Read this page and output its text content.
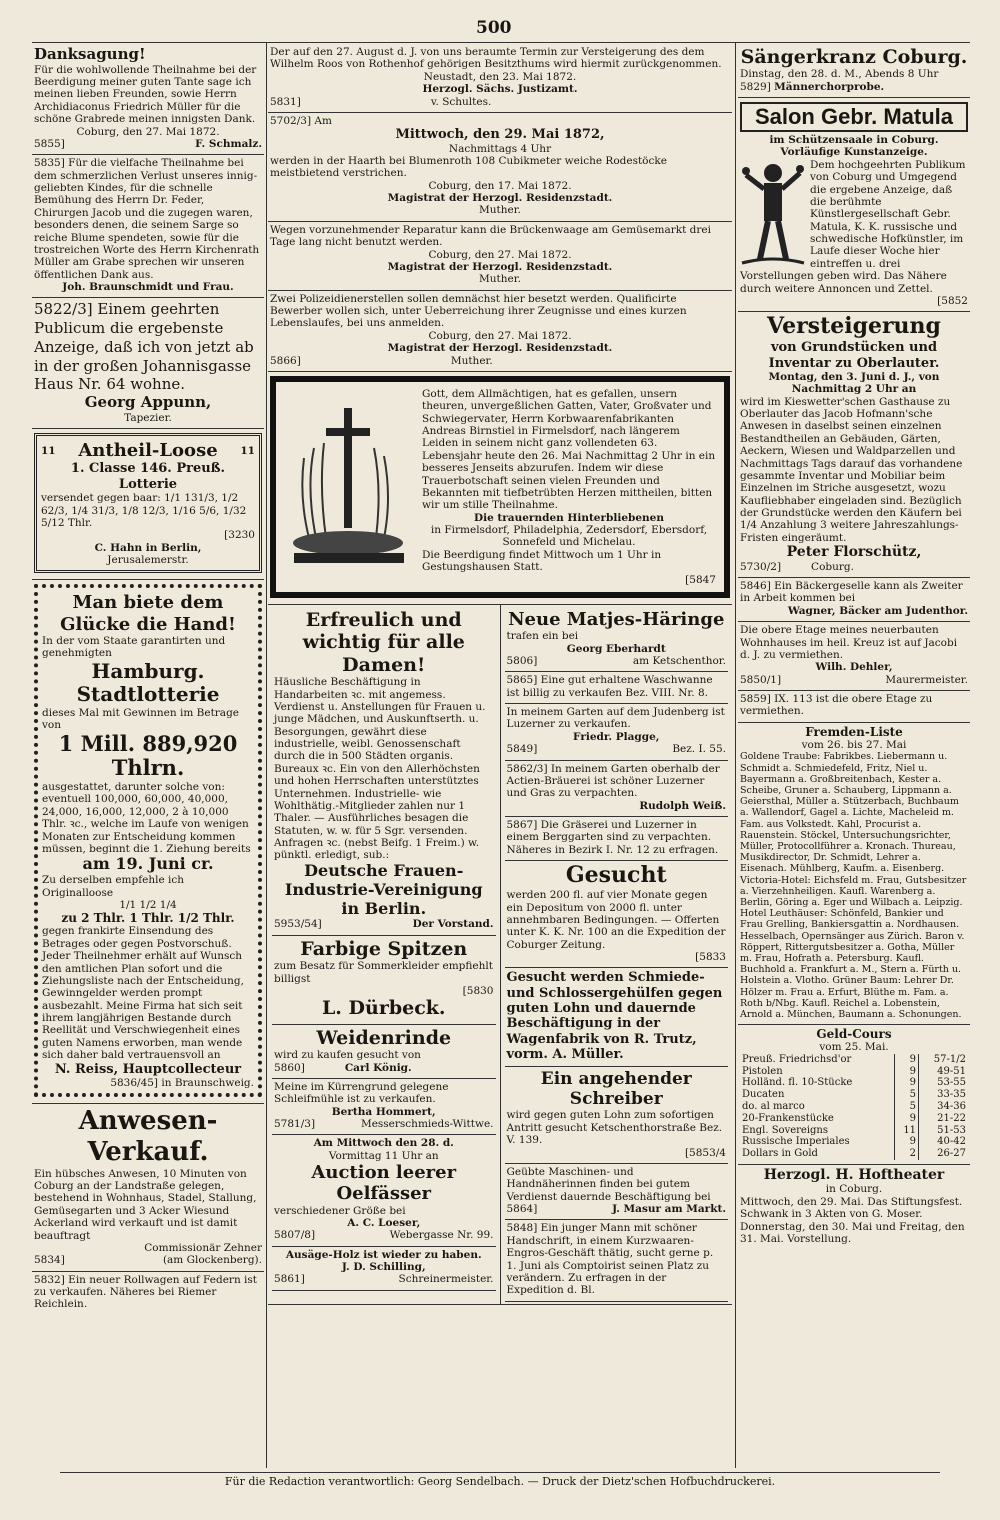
500

Danksagung!

Für die wohlwollende Theilnahme bei der Beerdigung meiner guten Tante sage ich meinen lieben Freunden, sowie Herrn Archidiaconus Friedrich Müller für die schöne Grabrede meinen innigsten Dank.

Coburg, den 27. Mai 1872.

5855]	F. Schmalz.

5835] Für die vielfache Theilnahme bei dem schmerzlichen Verlust unseres innig-geliebten Kindes, für die schnelle Bemühung des Herrn Dr. Feder, Chirurgen Jacob und die zugegen waren, besonders denen, die seinem Sarge so reiche Blume spendeten, sowie für die trostreichen Worte des Herrn Kirchenrath Müller am Grabe sprechen wir unseren öffentlichen Dank aus.

Joh. Braunschmidt und Frau.

5822/3] Einem geehrten Publicum die ergebenste Anzeige, daß ich von jetzt ab in der großen Johannisgasse Haus Nr. 64 wohne.

Georg Appunn,

Tapezier.

11 Antheil-Loose 11

1. Classe 146. Preuß. Lotterie

versendet gegen baar: 1/1 131/3, 1/2 62/3, 1/4 31/3, 1/8 12/3, 1/16 5/6, 1/32 5/12 Thlr.

[3230

C. Hahn in Berlin,

Jerusalemerstr.

Man biete dem Glücke die Hand!

In der vom Staate garantirten und genehmigten

Hamburg. Stadtlotterie

dieses Mal mit Gewinnen im Betrage von

1 Mill. 889,920 Thlrn.

ausgestattet, darunter solche von: eventuell 100,000, 60,000, 40,000, 24,000, 16,000, 12,000, 2 à 10,000 Thlr. ꝛc., welche im Laufe von wenigen Monaten zur Entscheidung kommen müssen, beginnt die 1. Ziehung bereits

am 19. Juni cr.

Zu derselben empfehle ich Originalloose

1/1 1/2 1/4

zu 2 Thlr. 1 Thlr. 1/2 Thlr.

gegen frankirte Einsendung des Betrages oder gegen Postvorschuß. Jeder Theilnehmer erhält auf Wunsch den amtlichen Plan sofort und die Ziehungsliste nach der Entscheidung, Gewinngelder werden prompt ausbezahlt. Meine Firma hat sich seit ihrem langjährigen Bestande durch Reellität und Verschwiegenheit eines guten Namens erworben, man wende sich daher bald vertrauensvoll an

N. Reiss, Hauptcollecteur

5836/45] in Braunschweig.

Anwesen-Verkauf.

Ein hübsches Anwesen, 10 Minuten von Coburg an der Landstraße gelegen, bestehend in Wohnhaus, Stadel, Stallung, Gemüsegarten und 3 Acker Wiesund Ackerland wird verkauft und ist damit beauftragt

Commissionär Zehner

5834]	(am Glockenberg).

5832] Ein neuer Rollwagen auf Federn ist zu verkaufen. Näheres bei Riemer Reichlein.

Der auf den 27. August d. J. von uns beraumte Termin zur Versteigerung des dem Wilhelm Roos von Rothenhof gehörigen Besitzthums wird hiermit zurückgenommen.

Neustadt, den 23. Mai 1872.

Herzogl. Sächs. Justizamt.

5831]	v. Schultes.

5702/3] Am

Mittwoch, den 29. Mai 1872,

Nachmittags 4 Uhr

werden in der Haarth bei Blumenroth 108 Cubikmeter weiche Rodestöcke meistbietend verstrichen.

Coburg, den 17. Mai 1872.

Magistrat der Herzogl. Residenzstadt.

Muther.

Wegen vorzunehmender Reparatur kann die Brückenwaage am Gemüsemarkt drei Tage lang nicht benutzt werden.

Coburg, den 27. Mai 1872.

Magistrat der Herzogl. Residenzstadt.

Muther.

Zwei Polizeidienerstellen sollen demnächst hier besetzt werden. Qualificirte Bewerber wollen sich, unter Ueberreichung ihrer Zeugnisse und eines kurzen Lebenslaufes, bei uns anmelden.

Coburg, den 27. Mai 1872.

Magistrat der Herzogl. Residenzstadt.

5866]	Muther.

Gott, dem Allmächtigen, hat es gefallen, unsern theuren, unvergeßlichen Gatten, Vater, Großvater und Schwiegervater, Herrn Korbwaarenfabrikanten Andreas Birnstiel in Firmelsdorf, nach längerem Leiden in seinem nicht ganz vollendeten 63. Lebensjahr heute den 26. Mai Nachmittag 2 Uhr in ein besseres Jenseits abzurufen. Indem wir diese Trauerbotschaft seinen vielen Freunden und Bekannten mit tiefbetrübten Herzen mittheilen, bitten wir um stille Theilnahme.

Die trauernden Hinterbliebenen

in Firmelsdorf, Philadelphia, Zedersdorf, Ebersdorf, Sonnefeld und Michelau.

Die Beerdigung findet Mittwoch um 1 Uhr in Gestungshausen Statt.

[5847

Erfreulich und wichtig für alle Damen!

Häusliche Beschäftigung in Handarbeiten ꝛc. mit angemess. Verdienst u. Anstellungen für Frauen u. junge Mädchen, und Auskunftserth. u. Besorgungen, gewährt diese industrielle, weibl. Genossenschaft durch die in 500 Städten organis. Bureaux ꝛc. Ein von den Allerhöchsten und hohen Herrschaften unterstütztes Unternehmen. Industrielle- wie Wohlthätig.-Mitglieder zahlen nur 1 Thaler. — Ausführliches besagen die Statuten, w. w. für 5 Sgr. versenden. Anfragen ꝛc. (nebst Beifg. 1 Freim.) w. pünktl. erledigt, sub.:

Deutsche Frauen-Industrie-Vereinigung in Berlin.

5953/54]	Der Vorstand.

Farbige Spitzen

zum Besatz für Sommerkleider empfiehlt billigst

[5830

L. Dürbeck.

Weidenrinde

wird zu kaufen gesucht von

5860]	Carl König.

Meine im Kürrengrund gelegene Schleifmühle ist zu verkaufen.

Bertha Hommert,

5781/3]	Messerschmieds-Wittwe.

Am Mittwoch den 28. d.

Vormittag 11 Uhr an

Auction leerer Oelfässer

verschiedener Größe bei

A. C. Loeser,

5807/8]	Webergasse Nr. 99.

Ausäge-Holz ist wieder zu haben.

J. D. Schilling,

5861]	Schreinermeister.

Neue Matjes-Häringe

trafen ein bei

Georg Eberhardt

5806]	am Ketschenthor.

5865] Eine gut erhaltene Waschwanne ist billig zu verkaufen Bez. VIII. Nr. 8.

In meinem Garten auf dem Judenberg ist Luzerner zu verkaufen.

Friedr. Plagge,

5849]	Bez. I. 55.

5862/3] In meinem Garten oberhalb der Actien-Bräuerei ist schöner Luzerner und Gras zu verpachten.

Rudolph Weiß.

5867] Die Gräserei und Luzerner in einem Berggarten sind zu verpachten. Näheres in Bezirk I. Nr. 12 zu erfragen.

Gesucht

werden 200 fl. auf vier Monate gegen ein Depositum von 2000 fl. unter annehmbaren Bedingungen. — Offerten unter K. K. Nr. 100 an die Expedition der Coburger Zeitung.

[5833

Gesucht werden Schmiede- und Schlossergehülfen gegen guten Lohn und dauernde Beschäftigung in der Wagenfabrik von R. Trutz, vorm. A. Müller.

Ein angehender Schreiber

wird gegen guten Lohn zum sofortigen Antritt gesucht Ketschenthorstraße Bez. V. 139.

[5853/4

Geübte Maschinen- und Handnäherinnen finden bei gutem Verdienst dauernde Beschäftigung bei

5864]	J. Masur am Markt.

5848] Ein junger Mann mit schöner Handschrift, in einem Kurzwaaren-Engros-Geschäft thätig, sucht gerne p. 1. Juni als Comptoirist seinen Platz zu verändern. Zu erfragen in der Expedition d. Bl.

Sängerkranz Coburg.

Dinstag, den 28. d. M., Abends 8 Uhr

5829] Männerchorprobe.

Salon Gebr. Matula

im Schützensaale in Coburg.

Vorläufige Kunstanzeige.

Dem hochgeehrten Publikum von Coburg und Umgegend die ergebene Anzeige, daß die berühmte Künstlergesellschaft Gebr. Matula, K. K. russische und schwedische Hofkünstler, im Laufe dieser Woche hier eintreffen u. drei Vorstellungen geben wird. Das Nähere durch weitere Annoncen und Zettel.

[5852

Versteigerung

von Grundstücken und Inventar zu Oberlauter.

Montag, den 3. Juni d. J., von Nachmittag 2 Uhr an

wird im Kieswetter'schen Gasthause zu Oberlauter das Jacob Hofmann'sche Anwesen in daselbst seinen einzelnen Bestandtheilen an Gebäuden, Gärten, Aeckern, Wiesen und Waldparzellen und Nachmittags Tags darauf das vorhandene gesammte Inventar und Mobiliar beim Einzelnen im Striche ausgesetzt, wozu Kaufliebhaber eingeladen sind. Bezüglich der Grundstücke werden den Käufern bei 1/4 Anzahlung 3 weitere Jahreszahlungs-Fristen eingeräumt.

Peter Florschütz,

5730/2]	Coburg.

5846] Ein Bäckergeselle kann als Zweiter in Arbeit kommen bei

Wagner, Bäcker am Judenthor.

Die obere Etage meines neuerbauten Wohnhauses im heil. Kreuz ist auf Jacobi d. J. zu vermiethen.

Wilh. Dehler,

5850/1]	Maurermeister.

5859] IX. 113 ist die obere Etage zu vermiethen.

Fremden-Liste

vom 26. bis 27. Mai

Goldene Traube: Fabrikbes. Liebermann u. Schmidt a. Schmiedefeld, Fritz, Niel u. Bayermann a. Großbreitenbach, Kester a. Scheibe, Gruner a. Schauberg, Lippmann a. Geiersthal, Müller a. Stützerbach, Buchbaum a. Wallendorf, Gagel a. Lichte, Macheleid m. Fam. aus Volkstedt. Kahl, Procurist a. Rauenstein. Stöckel, Untersuchungsrichter, Müller, Protocollführer a. Kronach. Thureau, Musikdirector, Dr. Schmidt, Lehrer a. Eisenach. Mühlberg, Kaufm. a. Eisenberg. Victoria-Hotel: Eichsfeld m. Frau, Gutsbesitzer a. Vierzehnheiligen. Kaufl. Warenberg a. Berlin, Göring a. Eger und Wilbach a. Leipzig. Hotel Leuthäuser: Schönfeld, Bankier und Frau Grelling, Bankiersgattin a. Nordhausen. Hesselbach, Opernsänger aus Zürich. Baron v. Röppert, Rittergutsbesitzer a. Gotha, Müller m. Frau, Hofrath a. Petersburg. Kaufl. Buchhold a. Frankfurt a. M., Stern a. Fürth u. Holstein a. Vlotho. Grüner Baum: Lehrer Dr. Hölzer m. Frau a. Erfurt, Blüthe m. Fam. a. Roth b/Nbg. Kaufl. Reichel a. Lobenstein, Arnold a. München, Baumann a. Schonungen.

Geld-Cours

vom 25. Mai.

Preuß. Friedrichsd'or	9	57-1/2
Pistolen	9	49-51
Holländ. fl. 10-Stücke	9	53-55
Ducaten	5	33-35
do. al marco	5	34-36
20-Frankenstücke	9	21-22
Engl. Sovereigns	11	51-53
Russische Imperiales	9	40-42
Dollars in Gold	2	26-27

Herzogl. H. Hoftheater

in Coburg.

Mittwoch, den 29. Mai. Das Stiftungsfest. Schwank in 3 Akten von G. Moser. Donnerstag, den 30. Mai und Freitag, den 31. Mai. Vorstellung.

Für die Redaction verantwortlich: Georg Sendelbach. — Druck der Dietz'schen Hofbuchdruckerei.
